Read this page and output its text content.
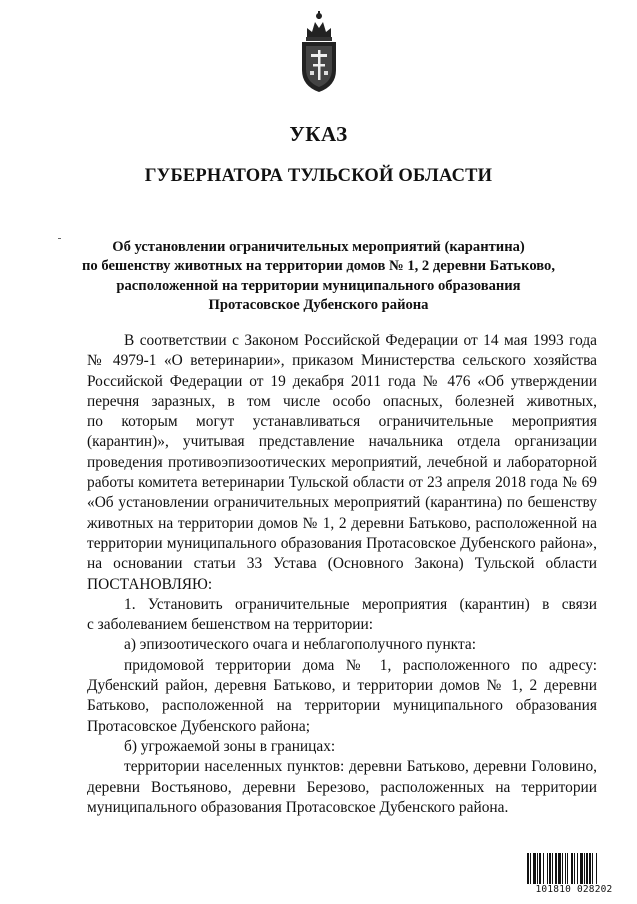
УКАЗ
ГУБЕРНАТОРА ТУЛЬСКОЙ ОБЛАСТИ
Об установлении ограничительных мероприятий (карантина)
по бешенству животных на территории домов № 1, 2 деревни Батьково,
расположенной на территории муниципального образования
Протасовское Дубенского района
В соответствии с Законом Российской Федерации от 14 мая 1993 года
№ 4979-1 «О ветеринарии», приказом Министерства сельского хозяйства
Российской Федерации от 19 декабря 2011 года № 476 «Об утверждении
перечня заразных, в том числе особо опасных, болезней животных,
по которым могут устанавливаться ограничительные мероприятия
(карантин)», учитывая представление начальника отдела организации
проведения противоэпизоотических мероприятий, лечебной и лабораторной
работы комитета ветеринарии Тульской области от 23 апреля 2018 года № 69
«Об установлении ограничительных мероприятий (карантина) по бешенству
животных на территории домов № 1, 2 деревни Батьково, расположенной на
территории муниципального образования Протасовское Дубенского района»,
на основании статьи 33 Устава (Основного Закона) Тульской области
ПОСТАНОВЛЯЮ:
1. Установить ограничительные мероприятия (карантин) в связи
с заболеванием бешенством на территории:
а) эпизоотического очага и неблагополучного пункта:
придомовой территории дома № 1, расположенного по адресу:
Дубенский район, деревня Батьково, и территории домов № 1, 2 деревни
Батьково, расположенной на территории муниципального образования
Протасовское Дубенского района;
б) угрожаемой зоны в границах:
территории населенных пунктов: деревни Батьково, деревни Головино,
деревни Востьяново, деревни Березово, расположенных на территории
муниципального образования Протасовское Дубенского района.
101810 028202
